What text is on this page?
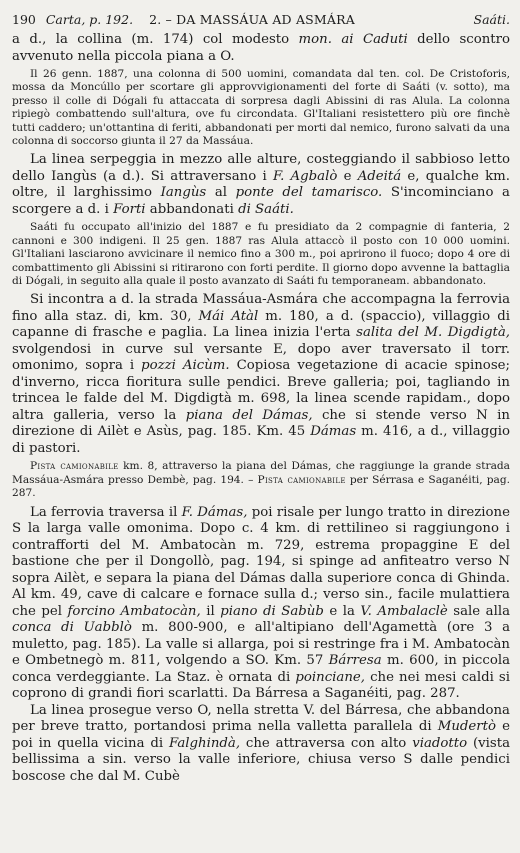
190 Carta, p. 192. 2. – DA MASSÁUA AD ASMÁRA	Saáti.

a d., la collina (m. 174) col modesto mon. ai Caduti dello scontro avvenuto nella piccola piana a O.

Il 26 genn. 1887, una colonna di 500 uomini, comandata dal ten. col. De Cristoforis, mossa da Moncúllo per scortare gli approvvigionamenti del forte di Saáti (v. sotto), ma presso il colle di Dógali fu attaccata di sorpresa dagli Abissini di ras Alula. La colonna ripiegò combattendo sull'altura, ove fu circondata. Gl'Italiani resistettero più ore finchè tutti caddero; un'ottantina di feriti, abbandonati per morti dal nemico, furono salvati da una colonna di soccorso giunta il 27 da Massáua.

La linea serpeggia in mezzo alle alture, costeggiando il sabbioso letto dello Iangùs (a d.). Si attraversano i F. Agbalò e Adeitá e, qualche km. oltre, il larghissimo Iangùs al ponte del tamarisco. S'incominciano a scorgere a d. i Forti abbandonati di Saáti.

Saáti fu occupato all'inizio del 1887 e fu presidiato da 2 compagnie di fanteria, 2 cannoni e 300 indigeni. Il 25 gen. 1887 ras Alula attaccò il posto con 10 000 uomini. Gl'Italiani lasciarono avvicinare il nemico fino a 300 m., poi aprirono il fuoco; dopo 4 ore di combattimento gli Abissini si ritirarono con forti perdite. Il giorno dopo avvenne la battaglia di Dógali, in seguito alla quale il posto avanzato di Saáti fu temporaneam. abbandonato.

Si incontra a d. la strada Massáua-Asmára che accompagna la ferrovia fino alla staz. di, km. 30, Mái Atàl m. 180, a d. (spaccio), villaggio di capanne di frasche e paglia. La linea inizia l'erta salita del M. Digdigtà, svolgendosi in curve sul versante E, dopo aver traversato il torr. omonimo, sopra i pozzi Aicùm. Copiosa vegetazione di acacie spinose; d'inverno, ricca fioritura sulle pendici. Breve galleria; poi, tagliando in trincea le falde del M. Digdigtà m. 698, la linea scende rapidam., dopo altra galleria, verso la piana del Dámas, che si stende verso N in direzione di Ailèt e Asùs, pag. 185. Km. 45 Dámas m. 416, a d., villaggio di pastori.

Pista camionabile km. 8, attraverso la piana del Dámas, che raggiunge la grande strada Massáua-Asmára presso Dembè, pag. 194. – Pista camionabile per Sérrasa e Saganéiti, pag. 287.

La ferrovia traversa il F. Dámas, poi risale per lungo tratto in direzione S la larga valle omonima. Dopo c. 4 km. di rettilineo si raggiungono i contrafforti del M. Ambatocàn m. 729, estrema propaggine E del bastione che per il Dongollò, pag. 194, si spinge ad anfiteatro verso N sopra Ailèt, e separa la piana del Dámas dalla superiore conca di Ghinda. Al km. 49, cave di calcare e fornace sulla d.; verso sin., facile mulattiera che pel forcino Ambatocàn, il piano di Sabùb e la V. Ambalaclè sale alla conca di Uabblò m. 800-900, e all'altipiano dell'Agamettà (ore 3 a muletto, pag. 185). La valle si allarga, poi si restringe fra i M. Ambatocàn e Ombetnegò m. 811, volgendo a SO. Km. 57 Bárresa m. 600, in piccola conca verdeggiante. La Staz. è ornata di poinciane, che nei mesi caldi si coprono di grandi fiori scarlatti. Da Bárresa a Saganéiti, pag. 287.

La linea prosegue verso O, nella stretta V. del Bárresa, che abbandona per breve tratto, portandosi prima nella valletta parallela di Mudertò e poi in quella vicina di Falghindà, che attraversa con alto viadotto (vista bellissima a sin. verso la valle inferiore, chiusa verso S dalle pendici boscose che dal M. Cubè
